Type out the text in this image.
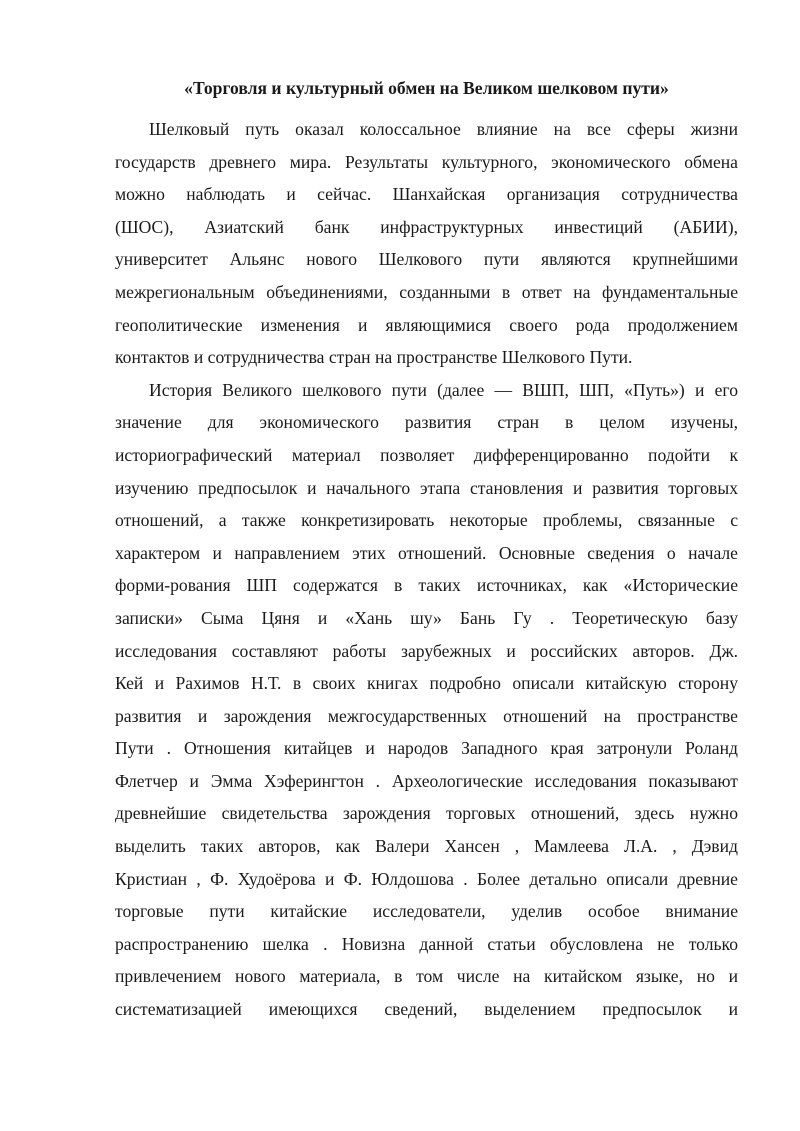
«Торговля и культурный обмен на Великом шелковом пути»
Шелковый путь оказал колоссальное влияние на все сферы жизни
государств древнего мира. Результаты культурного, экономического обмена
можно наблюдать и сейчас. Шанхайская организация сотрудничества
(ШОС), Азиатский банк инфраструктурных инвестиций (АБИИ),
университет Альянс нового Шелкового пути являются крупнейшими
межрегиональным объединениями, созданными в ответ на фундаментальные
геополитические изменения и являющимися своего рода продолжением
контактов и сотрудничества стран на пространстве Шелкового Пути.
История Великого шелкового пути (далее — ВШП, ШП, «Путь») и его
значение для экономического развития стран в целом изучены,
историографический материал позволяет дифференцированно подойти к
изучению предпосылок и начального этапа становления и развития торговых
отношений, а также конкретизировать некоторые проблемы, связанные с
характером и направлением этих отношений. Основные сведения о начале
форми-рования ШП содержатся в таких источниках, как «Исторические
записки» Сыма Цяня и «Хань шу» Бань Гу . Теоретическую базу
исследования составляют работы зарубежных и российских авторов. Дж.
Кей и Рахимов Н.Т. в своих книгах подробно описали китайскую сторону
развития и зарождения межгосударственных отношений на пространстве
Пути . Отношения китайцев и народов Западного края затронули Роланд
Флетчер и Эмма Хэферингтон . Археологические исследования показывают
древнейшие свидетельства зарождения торговых отношений, здесь нужно
выделить таких авторов, как Валери Хансен , Мамлеева Л.А. , Дэвид
Кристиан , Ф. Худоёрова и Ф. Юлдошова . Более детально описали древние
торговые пути китайские исследователи, уделив особое внимание
распространению шелка . Новизна данной статьи обусловлена не только
привлечением нового материала, в том числе на китайском языке, но и
систематизацией имеющихся сведений, выделением предпосылок и
